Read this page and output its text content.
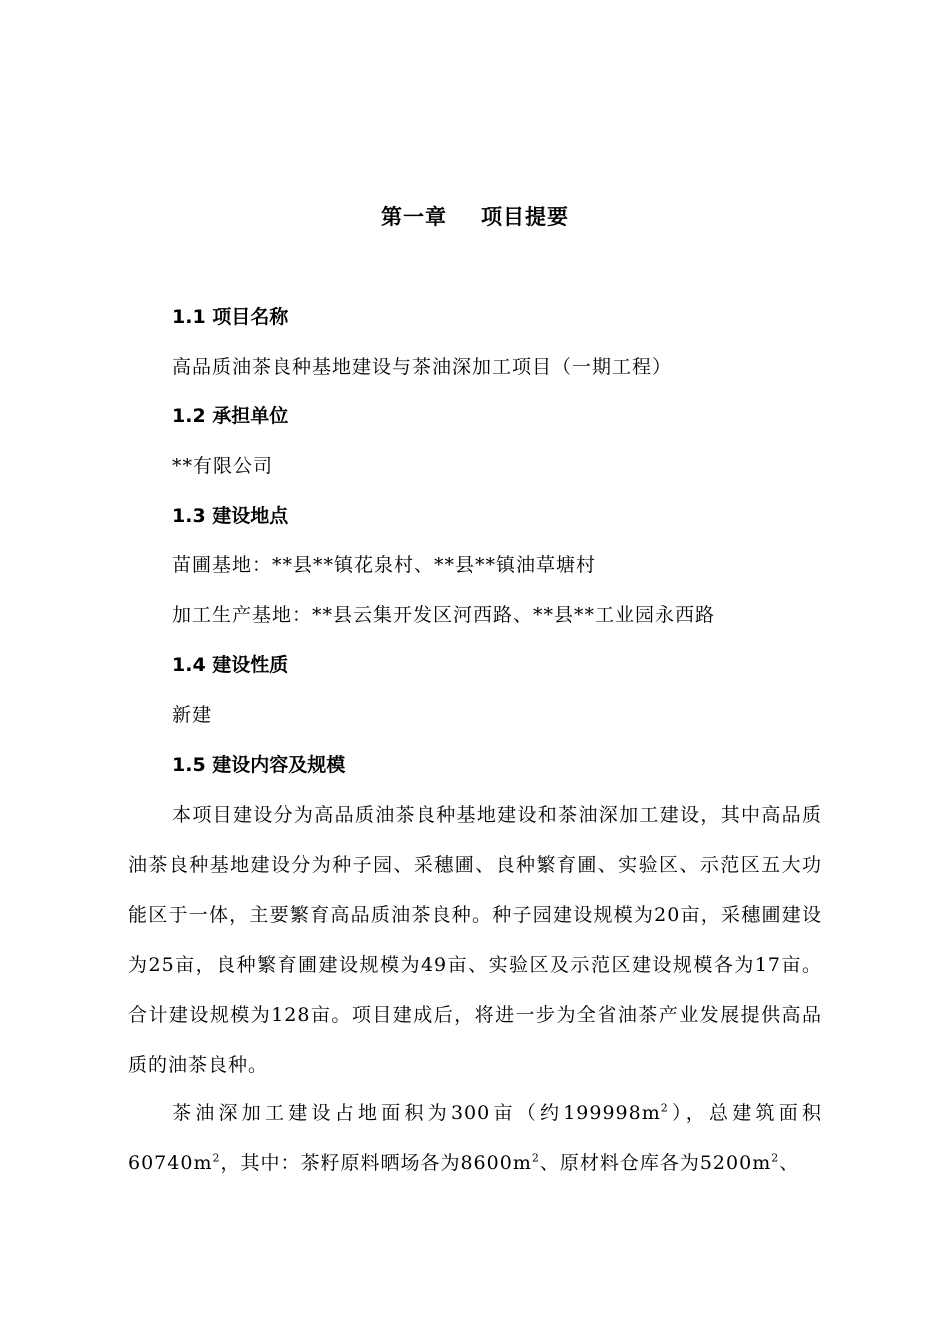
第一章 项目提要
1.1 项目名称
高品质油茶良种基地建设与茶油深加工项目（一期工程）
1.2 承担单位
**有限公司
1.3 建设地点
苗圃基地：**县**镇花泉村、**县**镇油草塘村
加工生产基地：**县云集开发区河西路、**县**工业园永西路
1.4 建设性质
新建
1.5 建设内容及规模
本项目建设分为高品质油茶良种基地建设和茶油深加工建设，其中高品质油茶良种基地建设分为种子园、采穗圃、良种繁育圃、实验区、示范区五大功能区于一体，主要繁育高品质油茶良种。种子园建设规模为20亩，采穗圃建设为25亩，良种繁育圃建设规模为49亩、实验区及示范区建设规模各为17亩。合计建设规模为128亩。项目建成后，将进一步为全省油茶产业发展提供高品质的油茶良种。
茶油深加工建设占地面积为300亩（约$199998m^2$），总建筑面积$60740m^2$，其中：茶籽原料晒场各为$8600m^2$、原材料仓库各为$5200m^2$、
